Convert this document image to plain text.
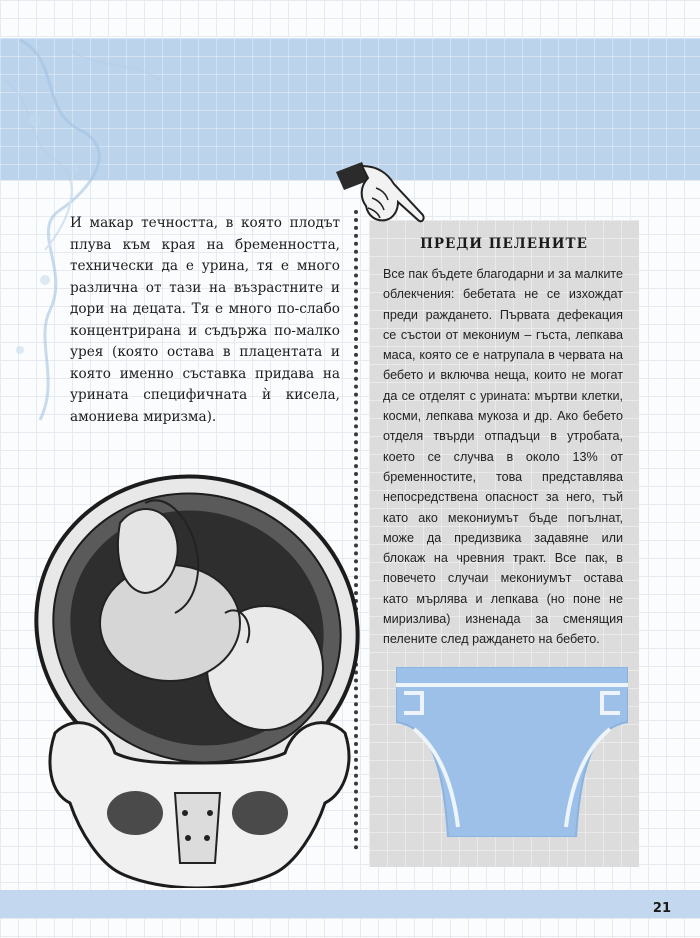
И макар течността, в която плодът плува към края на бременността, технически да е урина, тя е много различна от тази на възрастните и дори на децата. Тя е много по-слабо концентрирана и съдържа по-малко урея (която остава в плацентата и която именно съставка придава на урината специфичната ѝ кисела, амониева миризма).

ПРЕДИ ПЕЛЕНИТЕ

Все пак бъдете благодарни и за малките облекчения: бебетата не се изхождат преди раждането. Първата дефекация се състои от мекониум – гъста, лепкава маса, която се е натрупала в червата на бебето и включва неща, които не могат да се отделят с урината: мъртви клетки, косми, лепкава мукоза и др. Ако бебето отделя твърди отпадъци в утробата, което се случва в около 13% от бременностите, това представлява непосредствена опасност за него, тъй като ако мекониумът бъде погълнат, може да предизвика задавяне или блокаж на чревния тракт. Все пак, в повечето случаи мекониумът остава като мърлява и лепкава (но поне не миризлива) изненада за сменящия пелените след раждането на бебето.

21
